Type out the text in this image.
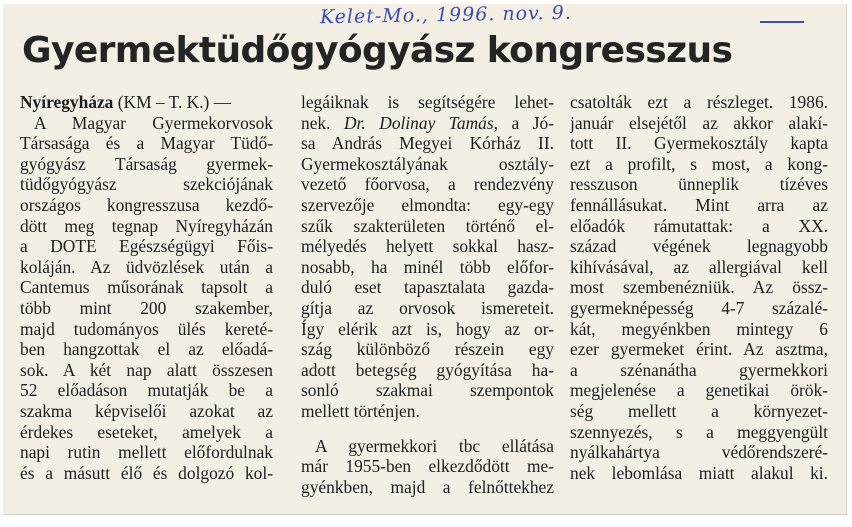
Kelet-Mo., 1996. nov. 9.
Gyermektüdőgyógyász kongresszus
Nyíregyháza (KM – T. K.) —
A Magyar Gyermekorvosok
Társasága és a Magyar Tüdő-
gyógyász Társaság gyermek-
tüdőgyógyász szekciójának
országos kongresszusa kezdő-
dött meg tegnap Nyíregyházán
a DOTE Egészségügyi Főis-
koláján. Az üdvözlések után a
Cantemus műsorának tapsolt a
több mint 200 szakember,
majd tudományos ülés kereté-
ben hangzottak el az előadá-
sok. A két nap alatt összesen
52 előadáson mutatják be a
szakma képviselői azokat az
érdekes eseteket, amelyek a
napi rutin mellett előfordulnak
és a másutt élő és dolgozó kol-
legáiknak is segítségére lehet-
nek. Dr. Dolinay Tamás, a Jó-
sa András Megyei Kórház II.
Gyermekosztályának osztály-
vezető főorvosa, a rendezvény
szervezője elmondta: egy-egy
szűk szakterületen történő el-
mélyedés helyett sokkal hasz-
nosabb, ha minél több előfor-
duló eset tapasztalata gazda-
gítja az orvosok ismereteit.
Így elérik azt is, hogy az or-
szág különböző részein egy
adott betegség gyógyítása ha-
sonló szakmai szempontok
mellett történjen.
A gyermekkori tbc ellátása
már 1955-ben elkezdődött me-
gyénkben, majd a felnőttekhez
csatolták ezt a részleget. 1986.
január elsejétől az akkor alakí-
tott II. Gyermekosztály kapta
ezt a profilt, s most, a kong-
resszuson ünneplik tízéves
fennállásukat. Mint arra az
előadók rámutattak: a XX.
század végének legnagyobb
kihívásával, az allergiával kell
most szembenézniük. Az össz-
gyermeknépesség 4-7 százalé-
kát, megyénkben mintegy 6
ezer gyermeket érint. Az asztma,
a szénanátha gyermekkori
megjelenése a genetikai örök-
ség mellett a környezet-
szennyezés, s a meggyengült
nyálkahártya védőrendszeré-
nek lebomlása miatt alakul ki.
